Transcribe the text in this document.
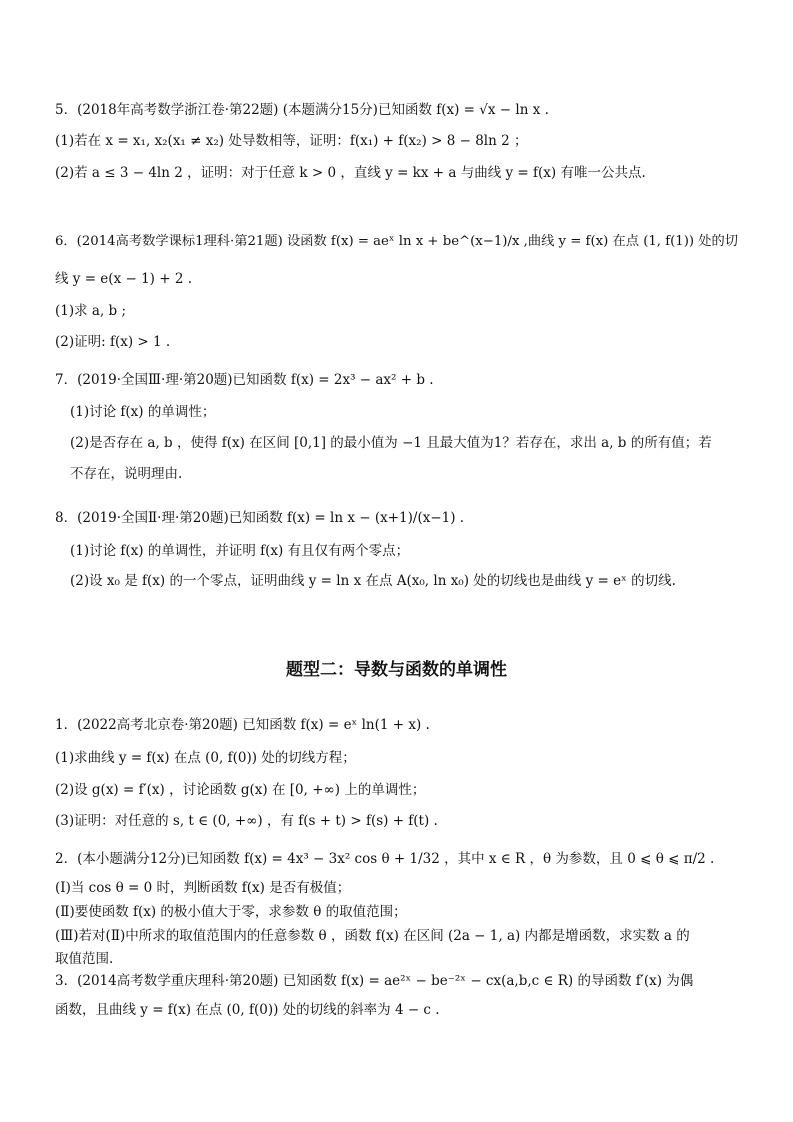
5．(2018年高考数学浙江卷·第22题) (本题满分15分)已知函数 f(x) = √x − ln x .
(1)若在 x = x₁, x₂(x₁ ≠ x₂) 处导数相等，证明：f(x₁) + f(x₂) > 8 − 8ln 2 ；
(2)若 a ≤ 3 − 4ln 2 ，证明：对于任意 k > 0 ，直线 y = kx + a 与曲线 y = f(x) 有唯一公共点.
6．(2014高考数学课标1理科·第21题) 设函数 f(x) = aeˣ ln x + be^(x−1)/x ,曲线 y = f(x) 在点 (1, f(1)) 处的切
线 y = e(x − 1) + 2 .
(1)求 a, b ;
(2)证明: f(x) > 1 .
7．(2019·全国Ⅲ·理·第20题)已知函数 f(x) = 2x³ − ax² + b .
(1)讨论 f(x) 的单调性；
(2)是否存在 a, b ，使得 f(x) 在区间 [0,1] 的最小值为 −1 且最大值为1？若存在，求出 a, b 的所有值；若
不存在，说明理由.
8．(2019·全国Ⅱ·理·第20题)已知函数 f(x) = ln x − (x+1)/(x−1) .
(1)讨论 f(x) 的单调性，并证明 f(x) 有且仅有两个零点；
(2)设 x₀ 是 f(x) 的一个零点，证明曲线 y = ln x 在点 A(x₀, ln x₀) 处的切线也是曲线 y = eˣ 的切线.
题型二：导数与函数的单调性
1．(2022高考北京卷·第20题) 已知函数 f(x) = eˣ ln(1 + x) .
(1)求曲线 y = f(x) 在点 (0, f(0)) 处的切线方程；
(2)设 g(x) = f′(x) ，讨论函数 g(x) 在 [0, +∞) 上的单调性；
(3)证明：对任意的 s, t ∈ (0, +∞) ，有 f(s + t) > f(s) + f(t) .
2．(本小题满分12分)已知函数 f(x) = 4x³ − 3x² cos θ + 1/32 ，其中 x ∈ R ，θ 为参数，且 0 ⩽ θ ⩽ π/2 .
(Ⅰ)当 cos θ = 0 时，判断函数 f(x) 是否有极值；
(Ⅱ)要使函数 f(x) 的极小值大于零，求参数 θ 的取值范围；
(Ⅲ)若对(Ⅱ)中所求的取值范围内的任意参数 θ ，函数 f(x) 在区间 (2a − 1, a) 内都是增函数，求实数 a 的
取值范围.
3．(2014高考数学重庆理科·第20题) 已知函数 f(x) = ae²ˣ − be⁻²ˣ − cx(a,b,c ∈ R) 的导函数 f′(x) 为偶
函数，且曲线 y = f(x) 在点 (0, f(0)) 处的切线的斜率为 4 − c .
